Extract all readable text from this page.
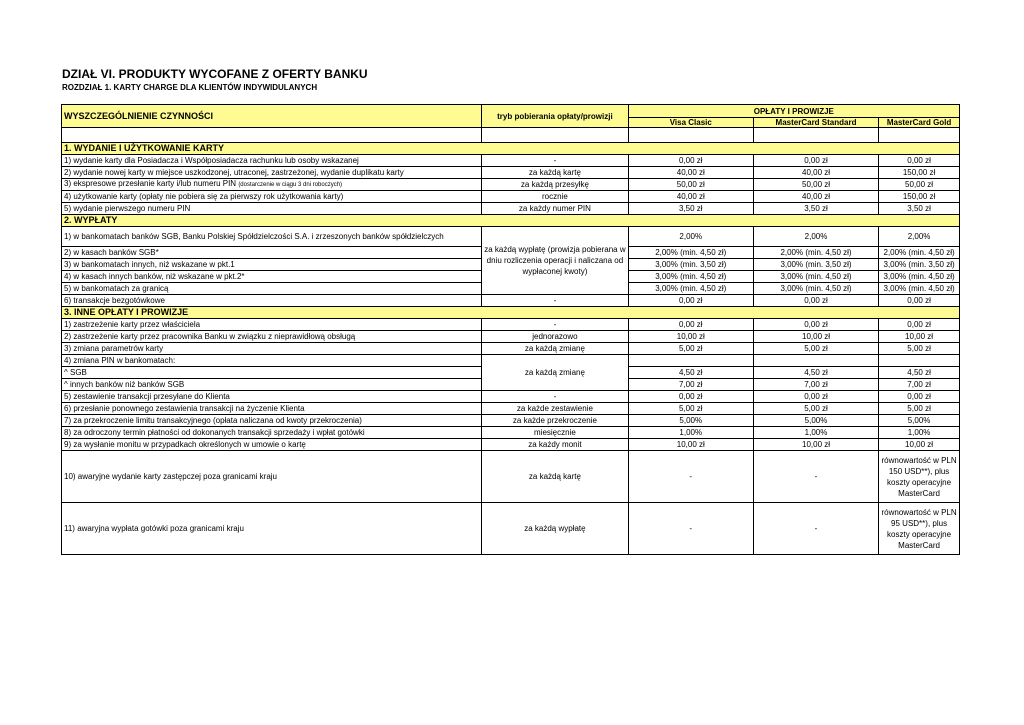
DZIAŁ VI. PRODUKTY WYCOFANE Z OFERTY BANKU
ROZDZIAŁ 1. KARTY CHARGE DLA KLIENTÓW INDYWIDULANYCH
WYSZCZEGÓLNIENIE CZYNNOŚCI	tryb pobierania opłaty/prowizji	OPŁATY I PROWIZJE		
		Visa Clasic	MasterCard Standard	MasterCard Gold

1. WYDANIE I UŻYTKOWANIE KARTY				
1) wydanie karty dla Posiadacza i Współposiadacza rachunku lub osoby wskazanej	-	0,00 zł	0,00 zł	0,00 zł
2) wydanie nowej karty w miejsce uszkodzonej, utraconej, zastrzeżonej, wydanie duplikatu karty	za każdą kartę	40,00 zł	40,00 zł	150,00 zł
3) ekspresowe przesłanie karty i/lub numeru PIN (dostarczenie w ciągu 3 dni roboczych)	za każdą przesyłkę	50,00 zł	50,00 zł	50,00 zł
4) użytkowanie karty (opłaty nie pobiera się za pierwszy rok użytkowania karty)	rocznie	40,00 zł	40,00 zł	150,00 zł
5) wydanie pierwszego numeru PIN	za każdy numer PIN	3,50 zł	3,50 zł	3,50 zł
2. WYPŁATY				
1) w bankomatach banków SGB, Banku Polskiej Spółdzielczości S.A. i zrzeszonych banków spółdzielczych	za każdą wypłatę (prowizja pobierana w dniu rozliczenia operacji i naliczana od wypłaconej kwoty)	2,00%	2,00%	2,00%
2) w kasach banków SGB*		2,00% (min. 4,50 zł)	2,00% (min. 4,50 zł)	2,00% (min. 4,50 zł)
3) w bankomatach innych, niż wskazane w pkt.1		3,00% (min. 3,50 zł)	3,00% (min. 3,50 zł)	3,00% (min. 3,50 zł)
4) w kasach innych banków, niż wskazane w pkt.2*		3,00% (min. 4,50 zł)	3,00% (min. 4,50 zł)	3,00% (min. 4,50 zł)
5) w bankomatach za granicą		3,00% (min. 4,50 zł)	3,00% (min. 4,50 zł)	3,00% (min. 4,50 zł)
6) transakcje bezgotówkowe	-	0,00 zł	0,00 zł	0,00 zł
3. INNE OPŁATY I PROWIZJE				
1) zastrzeżenie karty przez właściciela	-	0,00 zł	0,00 zł	0,00 zł
2) zastrzeżenie karty przez pracownika Banku w związku z nieprawidłową obsługą	jednorazowo	10,00 zł	10,00 zł	10,00 zł
3) zmiana parametrów karty	za każdą zmianę	5,00 zł	5,00 zł	5,00 zł
4) zmiana PIN w bankomatach:	za każdą zmianę			
^ SGB		4,50 zł	4,50 zł	4,50 zł
^ innych banków niż banków SGB		7,00 zł	7,00 zł	7,00 zł
5) zestawienie transakcji przesyłane do Klienta	-	0,00 zł	0,00 zł	0,00 zł
6) przesłanie ponownego zestawienia transakcji na życzenie Klienta	za każde zestawienie	5,00 zł	5,00 zł	5,00 zł
7) za przekroczenie limitu transakcyjnego (opłata naliczana od kwoty przekroczenia)	za każde przekroczenie	5,00%	5,00%	5,00%
8) za odroczony termin płatności od dokonanych transakcji sprzedaży i wpłat gotówki	miesięcznie	1,00%	1,00%	1,00%
9) za wysłanie monitu w przypadkach określonych w umowie o kartę	za każdy monit	10,00 zł	10,00 zł	10,00 zł
10) awaryjne wydanie karty zastępczej poza granicami kraju	za każdą kartę	-	-	równowartość w PLN 150 USD**), plus koszty operacyjne MasterCard
11) awaryjna wypłata gotówki poza granicami kraju	za każdą wypłatę	-	-	równowartość w PLN 95 USD**), plus koszty operacyjne MasterCard
